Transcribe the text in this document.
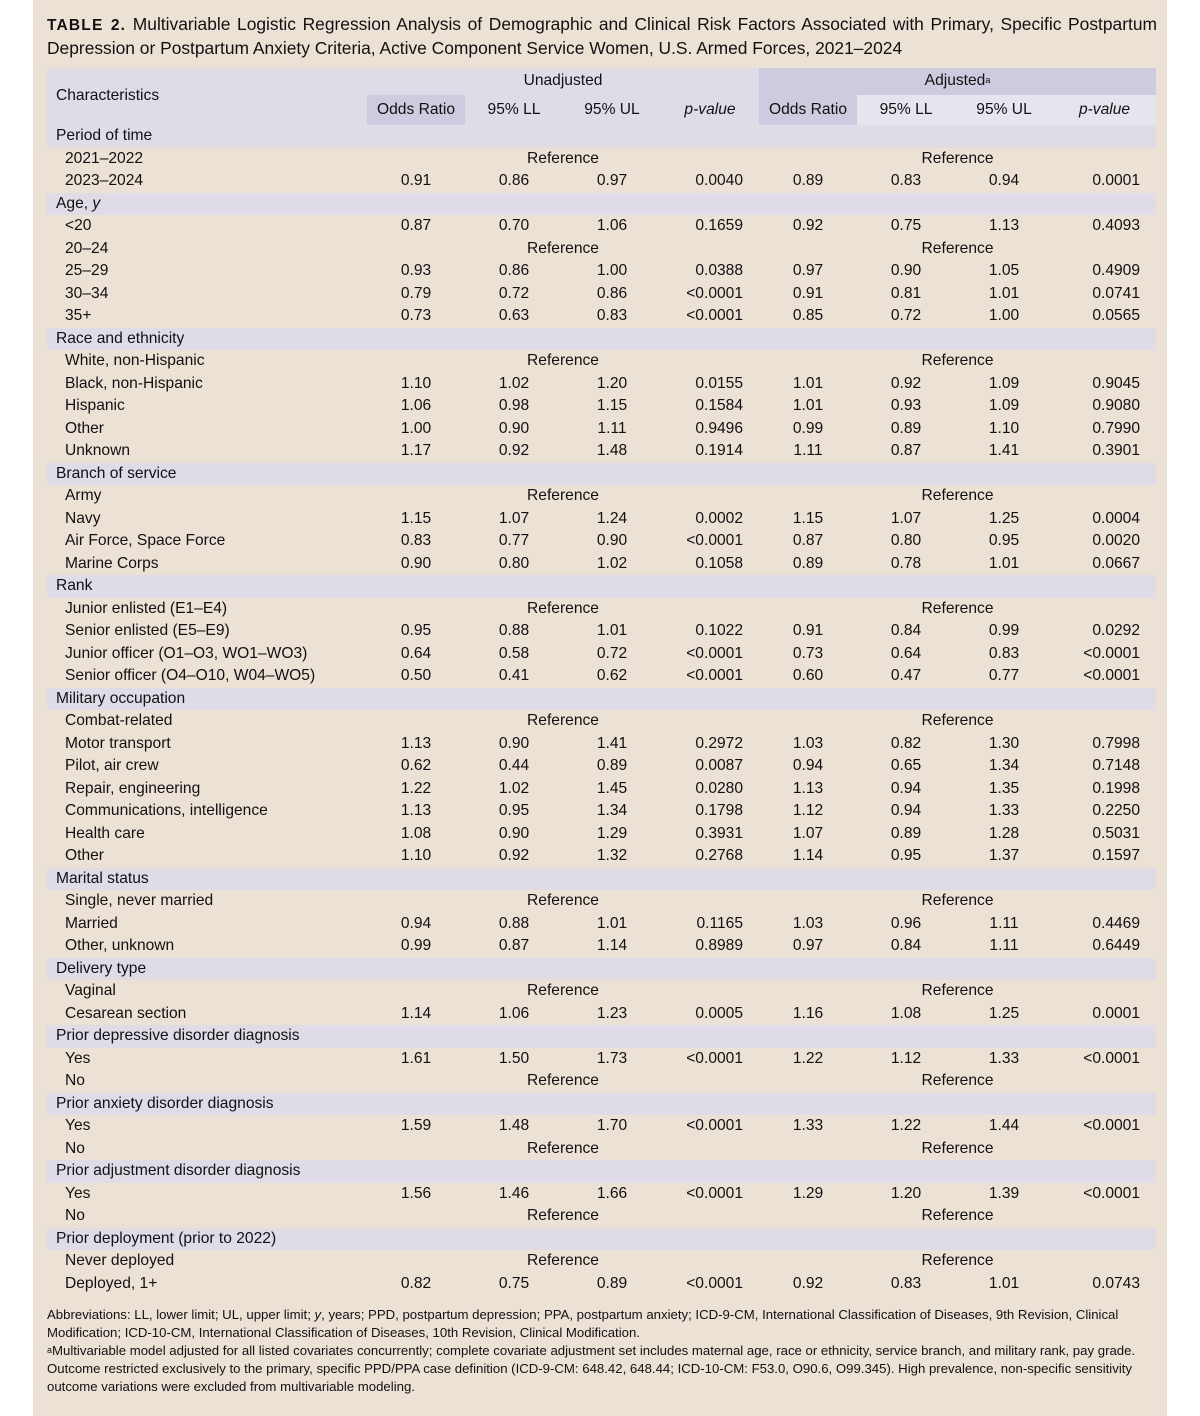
TABLE 2. Multivariable Logistic Regression Analysis of Demographic and Clinical Risk Factors Associated with Primary, Specific Postpartum Depression or Postpartum Anxiety Criteria, Active Component Service Women, U.S. Armed Forces, 2021–2024
Characteristics	Unadjusted				Adjusted$^a$
	Odds Ratio	95% LL	95% UL	p-value	Odds Ratio	95% LL	95% UL	p-value
Period of time								
2021–2022	Reference				Reference			
2023–2024	0.91	0.86	0.97	0.0040	0.89	0.83	0.94	0.0001
Age, y								
<20	0.87	0.70	1.06	0.1659	0.92	0.75	1.13	0.4093
20–24	Reference				Reference			
25–29	0.93	0.86	1.00	0.0388	0.97	0.90	1.05	0.4909
30–34	0.79	0.72	0.86	<0.0001	0.91	0.81	1.01	0.0741
35+	0.73	0.63	0.83	<0.0001	0.85	0.72	1.00	0.0565
Race and ethnicity								
White, non-Hispanic	Reference				Reference			
Black, non-Hispanic	1.10	1.02	1.20	0.0155	1.01	0.92	1.09	0.9045
Hispanic	1.06	0.98	1.15	0.1584	1.01	0.93	1.09	0.9080
Other	1.00	0.90	1.11	0.9496	0.99	0.89	1.10	0.7990
Unknown	1.17	0.92	1.48	0.1914	1.11	0.87	1.41	0.3901
Branch of service								
Army	Reference				Reference			
Navy	1.15	1.07	1.24	0.0002	1.15	1.07	1.25	0.0004
Air Force, Space Force	0.83	0.77	0.90	<0.0001	0.87	0.80	0.95	0.0020
Marine Corps	0.90	0.80	1.02	0.1058	0.89	0.78	1.01	0.0667
Rank								
Junior enlisted (E1–E4)	Reference				Reference			
Senior enlisted (E5–E9)	0.95	0.88	1.01	0.1022	0.91	0.84	0.99	0.0292
Junior officer (O1–O3, WO1–WO3)	0.64	0.58	0.72	<0.0001	0.73	0.64	0.83	<0.0001
Senior officer (O4–O10, W04–WO5)	0.50	0.41	0.62	<0.0001	0.60	0.47	0.77	<0.0001
Military occupation								
Combat-related	Reference				Reference			
Motor transport	1.13	0.90	1.41	0.2972	1.03	0.82	1.30	0.7998
Pilot, air crew	0.62	0.44	0.89	0.0087	0.94	0.65	1.34	0.7148
Repair, engineering	1.22	1.02	1.45	0.0280	1.13	0.94	1.35	0.1998
Communications, intelligence	1.13	0.95	1.34	0.1798	1.12	0.94	1.33	0.2250
Health care	1.08	0.90	1.29	0.3931	1.07	0.89	1.28	0.5031
Other	1.10	0.92	1.32	0.2768	1.14	0.95	1.37	0.1597
Marital status								
Single, never married	Reference				Reference			
Married	0.94	0.88	1.01	0.1165	1.03	0.96	1.11	0.4469
Other, unknown	0.99	0.87	1.14	0.8989	0.97	0.84	1.11	0.6449
Delivery type								
Vaginal	Reference				Reference			
Cesarean section	1.14	1.06	1.23	0.0005	1.16	1.08	1.25	0.0001
Prior depressive disorder diagnosis								
Yes	1.61	1.50	1.73	<0.0001	1.22	1.12	1.33	<0.0001
No	Reference				Reference			
Prior anxiety disorder diagnosis								
Yes	1.59	1.48	1.70	<0.0001	1.33	1.22	1.44	<0.0001
No	Reference				Reference			
Prior adjustment disorder diagnosis								
Yes	1.56	1.46	1.66	<0.0001	1.29	1.20	1.39	<0.0001
No	Reference				Reference			
Prior deployment (prior to 2022)								
Never deployed	Reference				Reference			
Deployed, 1+	0.82	0.75	0.89	<0.0001	0.92	0.83	1.01	0.0743

Abbreviations: LL, lower limit; UL, upper limit; y, years; PPD, postpartum depression; PPA, postpartum anxiety; ICD-9-CM, International Classification of Diseases, 9th Revision, Clinical Modification; ICD-10-CM, International Classification of Diseases, 10th Revision, Clinical Modification.

$^a$Multivariable model adjusted for all listed covariates concurrently; complete covariate adjustment set includes maternal age, race or ethnicity, service branch, and military rank, pay grade. Outcome restricted exclusively to the primary, specific PPD/PPA case definition (ICD-9-CM: 648.42, 648.44; ICD-10-CM: F53.0, O90.6, O99.345). High prevalence, non-specific sensitivity outcome variations were excluded from multivariable modeling.
